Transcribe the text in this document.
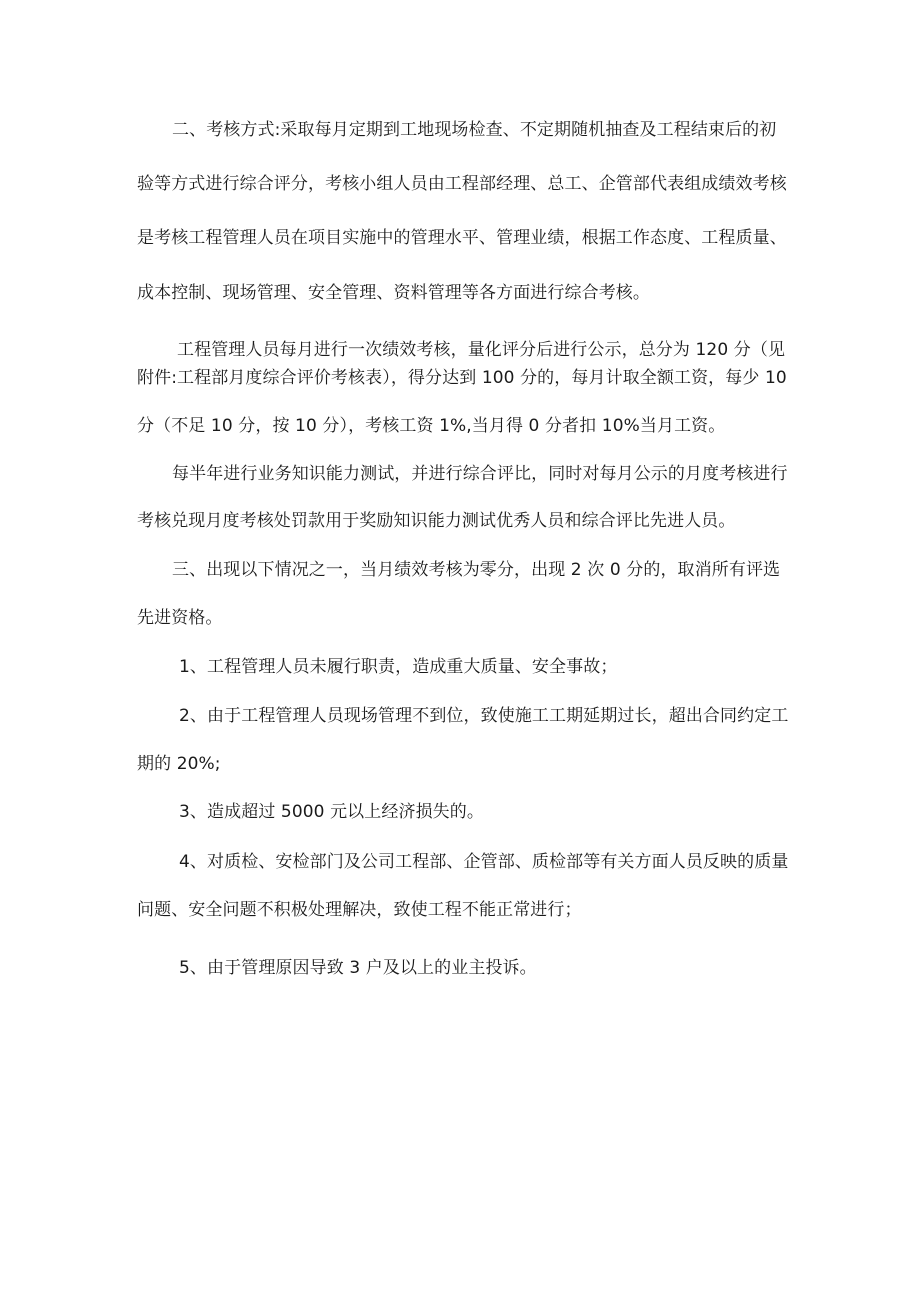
二、考核方式:采取每月定期到工地现场检查、不定期随机抽查及工程结束后的初
验等方式进行综合评分，考核小组人员由工程部经理、总工、企管部代表组成绩效考核
是考核工程管理人员在项目实施中的管理水平、管理业绩，根据工作态度、工程质量、
成本控制、现场管理、安全管理、资料管理等各方面进行综合考核。
工程管理人员每月进行一次绩效考核，量化评分后进行公示，总分为 120 分（见
附件:工程部月度综合评价考核表），得分达到 100 分的，每月计取全额工资，每少 10
分（不足 10 分，按 10 分），考核工资 1%,当月得 0 分者扣 10%当月工资。
每半年进行业务知识能力测试，并进行综合评比，同时对每月公示的月度考核进行
考核兑现月度考核处罚款用于奖励知识能力测试优秀人员和综合评比先进人员。
三、出现以下情况之一，当月绩效考核为零分，出现 2 次 0 分的，取消所有评选
先进资格。
1、工程管理人员未履行职责，造成重大质量、安全事故；
2、由于工程管理人员现场管理不到位，致使施工工期延期过长，超出合同约定工
期的 20%;
3、造成超过 5000 元以上经济损失的。
4、对质检、安检部门及公司工程部、企管部、质检部等有关方面人员反映的质量
问题、安全问题不积极处理解决，致使工程不能正常进行；
5、由于管理原因导致 3 户及以上的业主投诉。
